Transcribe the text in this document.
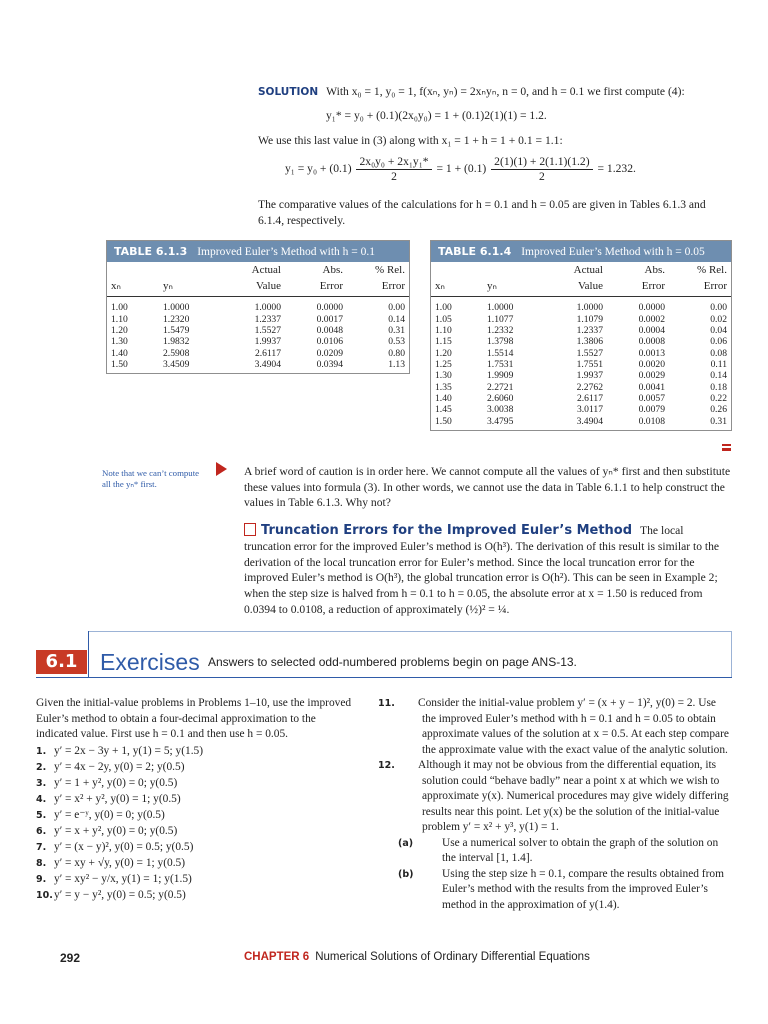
SOLUTION With x₀ = 1, y₀ = 1, f(xₙ, yₙ) = 2xₙyₙ, n = 0, and h = 0.1 we first compute (4):
y₁* = y₀ + (0.1)(2x₀y₀) = 1 + (0.1)2(1)(1) = 1.2.
We use this last value in (3) along with x₁ = 1 + h = 1 + 0.1 = 1.1:
$y_1 = y_0 + (0.1) \frac{\text{2x₀y₀ + 2x₁y₁*}}{2} = 1 + (0.1) \frac{2(1)(1) + 2(1.1)(1.2)}{2} = 1.232$.
The comparative values of the calculations for h = 0.1 and h = 0.05 are given in Tables 6.1.3 and 6.1.4, respectively.
TABLE 6.1.3 Improved Euler’s Method with h = 0.1
		Actual	Abs.	% Rel.
xₙ	yₙ	Value	Error	Error
1.00	1.0000	1.0000	0.0000	0.00
1.10	1.2320	1.2337	0.0017	0.14
1.20	1.5479	1.5527	0.0048	0.31
1.30	1.9832	1.9937	0.0106	0.53
1.40	2.5908	2.6117	0.0209	0.80
1.50	3.4509	3.4904	0.0394	1.13
TABLE 6.1.4 Improved Euler’s Method with h = 0.05
		Actual	Abs.	% Rel.
xₙ	yₙ	Value	Error	Error
1.00	1.0000	1.0000	0.0000	0.00
1.05	1.1077	1.1079	0.0002	0.02
1.10	1.2332	1.2337	0.0004	0.04
1.15	1.3798	1.3806	0.0008	0.06
1.20	1.5514	1.5527	0.0013	0.08
1.25	1.7531	1.7551	0.0020	0.11
1.30	1.9909	1.9937	0.0029	0.14
1.35	2.2721	2.2762	0.0041	0.18
1.40	2.6060	2.6117	0.0057	0.22
1.45	3.0038	3.0117	0.0079	0.26
1.50	3.4795	3.4904	0.0108	0.31
Note that we can’t compute all the yₙ* first.
A brief word of caution is in order here. We cannot compute all the values of yₙ* first and then substitute these values into formula (3). In other words, we cannot use the data in Table 6.1.1 to help construct the values in Table 6.1.3. Why not?
Truncation Errors for the Improved Euler’s Method The local truncation error for the improved Euler’s method is O(h³). The derivation of this result is similar to the derivation of the local truncation error for Euler’s method. Since the local truncation error for the improved Euler’s method is O(h³), the global truncation error is O(h²). This can be seen in Example 2; when the step size is halved from h = 0.1 to h = 0.05, the absolute error at x = 1.50 is reduced from 0.0394 to 0.0108, a reduction of approximately (½)² = ¼.
6.1 Exercises Answers to selected odd-numbered problems begin on page ANS-13.
Given the initial-value problems in Problems 1–10, use the improved Euler’s method to obtain a four-decimal approximation to the indicated value. First use h = 0.1 and then use h = 0.05.
1. y′ = 2x − 3y + 1, y(1) = 5; y(1.5)
2. y′ = 4x − 2y, y(0) = 2; y(0.5)
3. y′ = 1 + y², y(0) = 0; y(0.5)
4. y′ = x² + y², y(0) = 1; y(0.5)
5. y′ = e⁻ʸ, y(0) = 0; y(0.5)
6. y′ = x + y², y(0) = 0; y(0.5)
7. y′ = (x − y)², y(0) = 0.5; y(0.5)
8. y′ = xy + √y, y(0) = 1; y(0.5)
9. y′ = xy² − y/x, y(1) = 1; y(1.5)
10.y′ = y − y², y(0) = 0.5; y(0.5)
11. Consider the initial-value problem y′ = (x + y − 1)², y(0) = 2. Use the improved Euler’s method with h = 0.1 and h = 0.05 to obtain approximate values of the solution at x = 0.5. At each step compare the approximate value with the exact value of the analytic solution.
12. Although it may not be obvious from the differential equation, its solution could “behave badly” near a point x at which we wish to approximate y(x). Numerical procedures may give widely differing results near this point. Let y(x) be the solution of the initial-value problem y′ = x² + y³, y(1) = 1.
(a)	Use a numerical solver to obtain the graph of the solution on the interval [1, 1.4].
(b)	Using the step size h = 0.1, compare the results obtained from Euler’s method with the results from the improved Euler’s method in the approximation of y(1.4).
292	CHAPTER 6 Numerical Solutions of Ordinary Differential Equations
